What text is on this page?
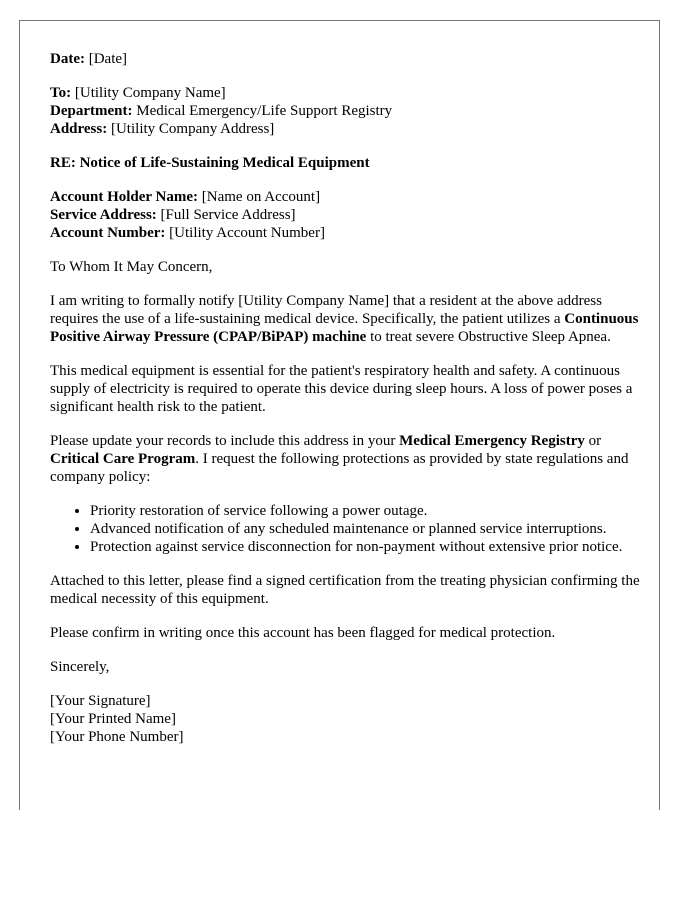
Date: [Date]

To: [Utility Company Name]
Department: Medical Emergency/Life Support Registry
Address: [Utility Company Address]

RE: Notice of Life-Sustaining Medical Equipment

Account Holder Name: [Name on Account]
Service Address: [Full Service Address]
Account Number: [Utility Account Number]

To Whom It May Concern,

I am writing to formally notify [Utility Company Name] that a resident at the above address requires the use of a life-sustaining medical device. Specifically, the patient utilizes a Continuous Positive Airway Pressure (CPAP/BiPAP) machine to treat severe Obstructive Sleep Apnea.

This medical equipment is essential for the patient's respiratory health and safety. A continuous supply of electricity is required to operate this device during sleep hours. A loss of power poses a significant health risk to the patient.

Please update your records to include this address in your Medical Emergency Registry or Critical Care Program. I request the following protections as provided by state regulations and company policy:

• Priority restoration of service following a power outage.
• Advanced notification of any scheduled maintenance or planned service interruptions.
• Protection against service disconnection for non-payment without extensive prior notice.

Attached to this letter, please find a signed certification from the treating physician confirming the medical necessity of this equipment.

Please confirm in writing once this account has been flagged for medical protection.

Sincerely,

[Your Signature]
[Your Printed Name]
[Your Phone Number]
